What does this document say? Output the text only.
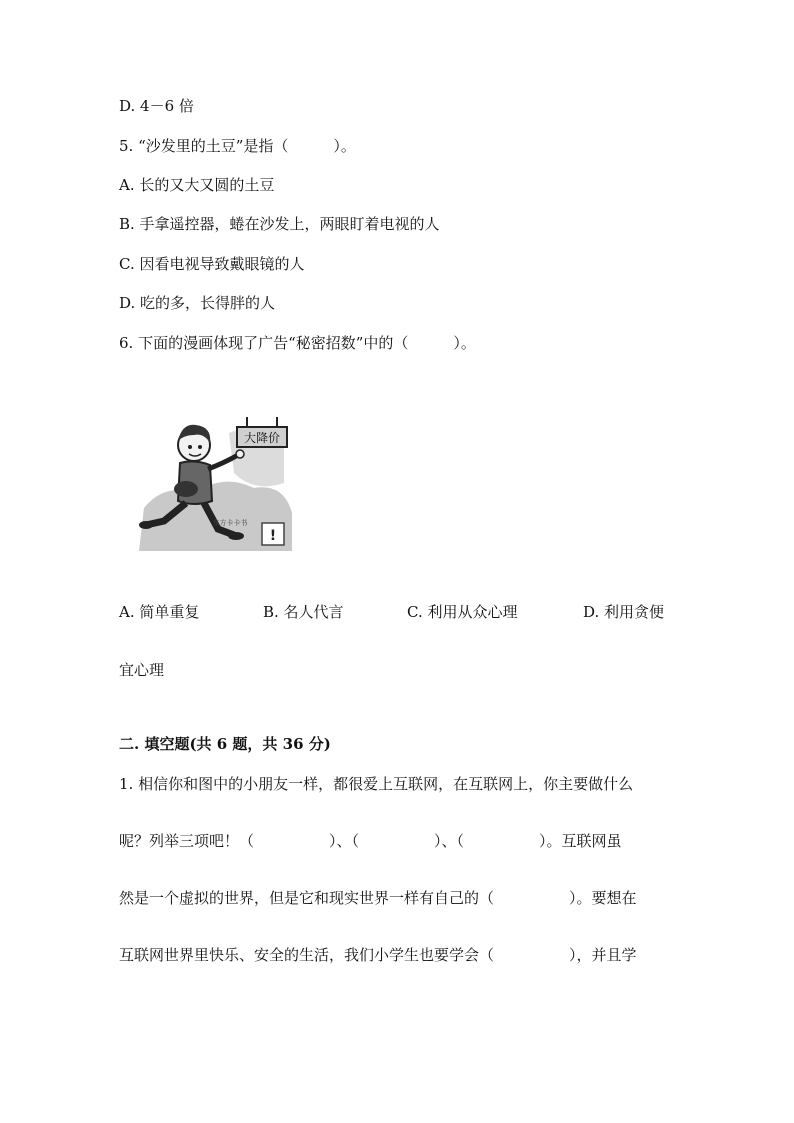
D. 4－6 倍
5. “沙发里的土豆”是指（　　　）。
A. 长的又大又圆的土豆
B. 手拿遥控器，蜷在沙发上，两眼盯着电视的人
C. 因看电视导致戴眼镜的人
D. 吃的多，长得胖的人
6. 下面的漫画体现了广告“秘密招数”中的（　　　）。
大降价
!
东方卡卡书
A. 简单重复	B. 名人代言	C. 利用从众心理	D. 利用贪便
宜心理
二. 填空题(共 6 题，共 36 分)
1. 相信你和图中的小朋友一样，都很爱上互联网，在互联网上，你主要做什么
呢？列举三项吧！（　　　　　）、（　　　　　）、（　　　　　）。互联网虽
然是一个虚拟的世界，但是它和现实世界一样有自己的（　　　　　）。要想在
互联网世界里快乐、安全的生活，我们小学生也要学会（　　　　　），并且学
